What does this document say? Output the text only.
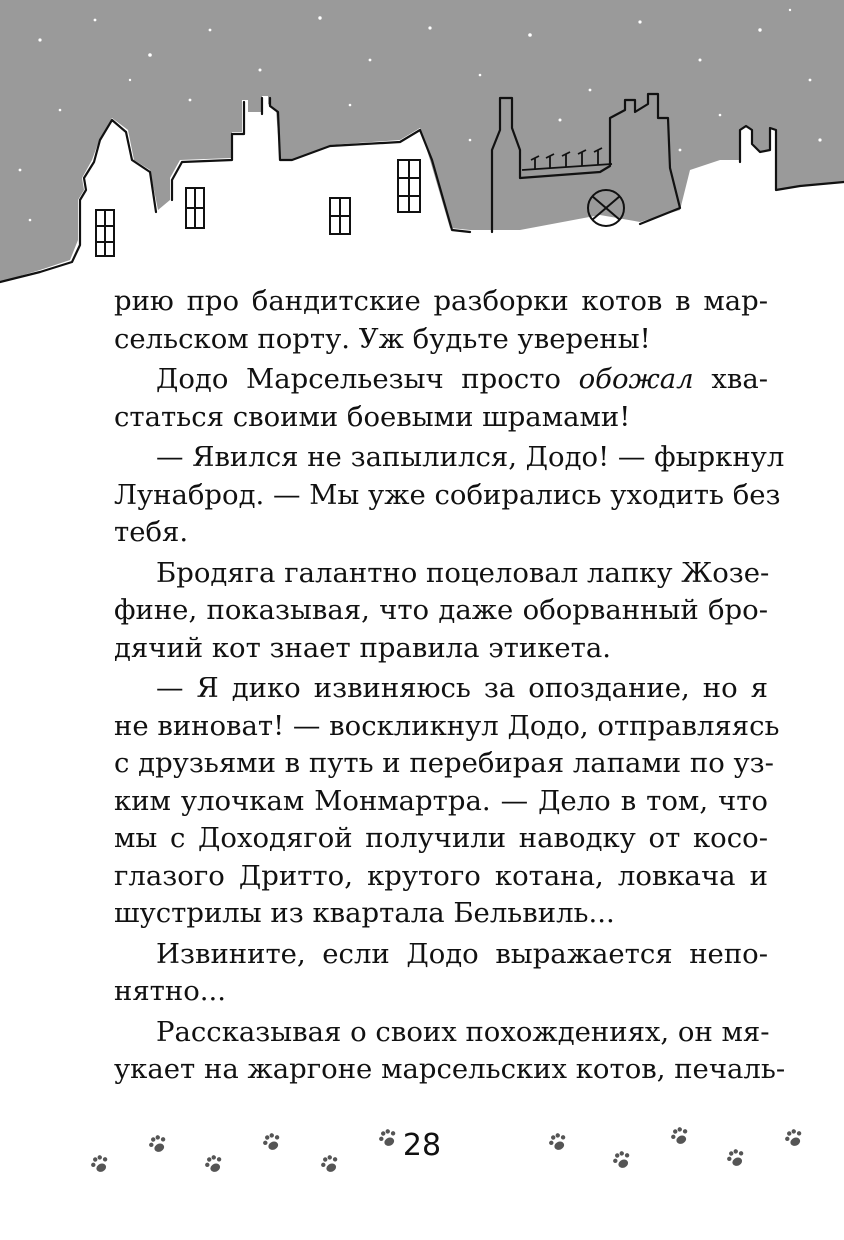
рию про бандитские разборки котов в мар-
сельском порту. Уж будьте уверены!
Додо Марсельезыч просто обожал хва-
статься своими боевыми шрамами!
— Явился не запылился, Додо! — фыркнул
Лунаброд. — Мы уже собирались уходить без
тебя.
Бродяга галантно поцеловал лапку Жозе-
фине, показывая, что даже оборванный бро-
дячий кот знает правила этикета.
— Я дико извиняюсь за опоздание, но я
не виноват! — воскликнул Додо, отправляясь
с друзьями в путь и перебирая лапами по уз-
ким улочкам Монмартра. — Дело в том, что
мы с Доходягой получили наводку от косо-
глазого Дритто, крутого котана, ловкача и
шустрилы из квартала Бельвиль...
Извините, если Додо выражается непо-
нятно...
Рассказывая о своих похождениях, он мя-
укает на жаргоне марсельских котов, печаль-
28
